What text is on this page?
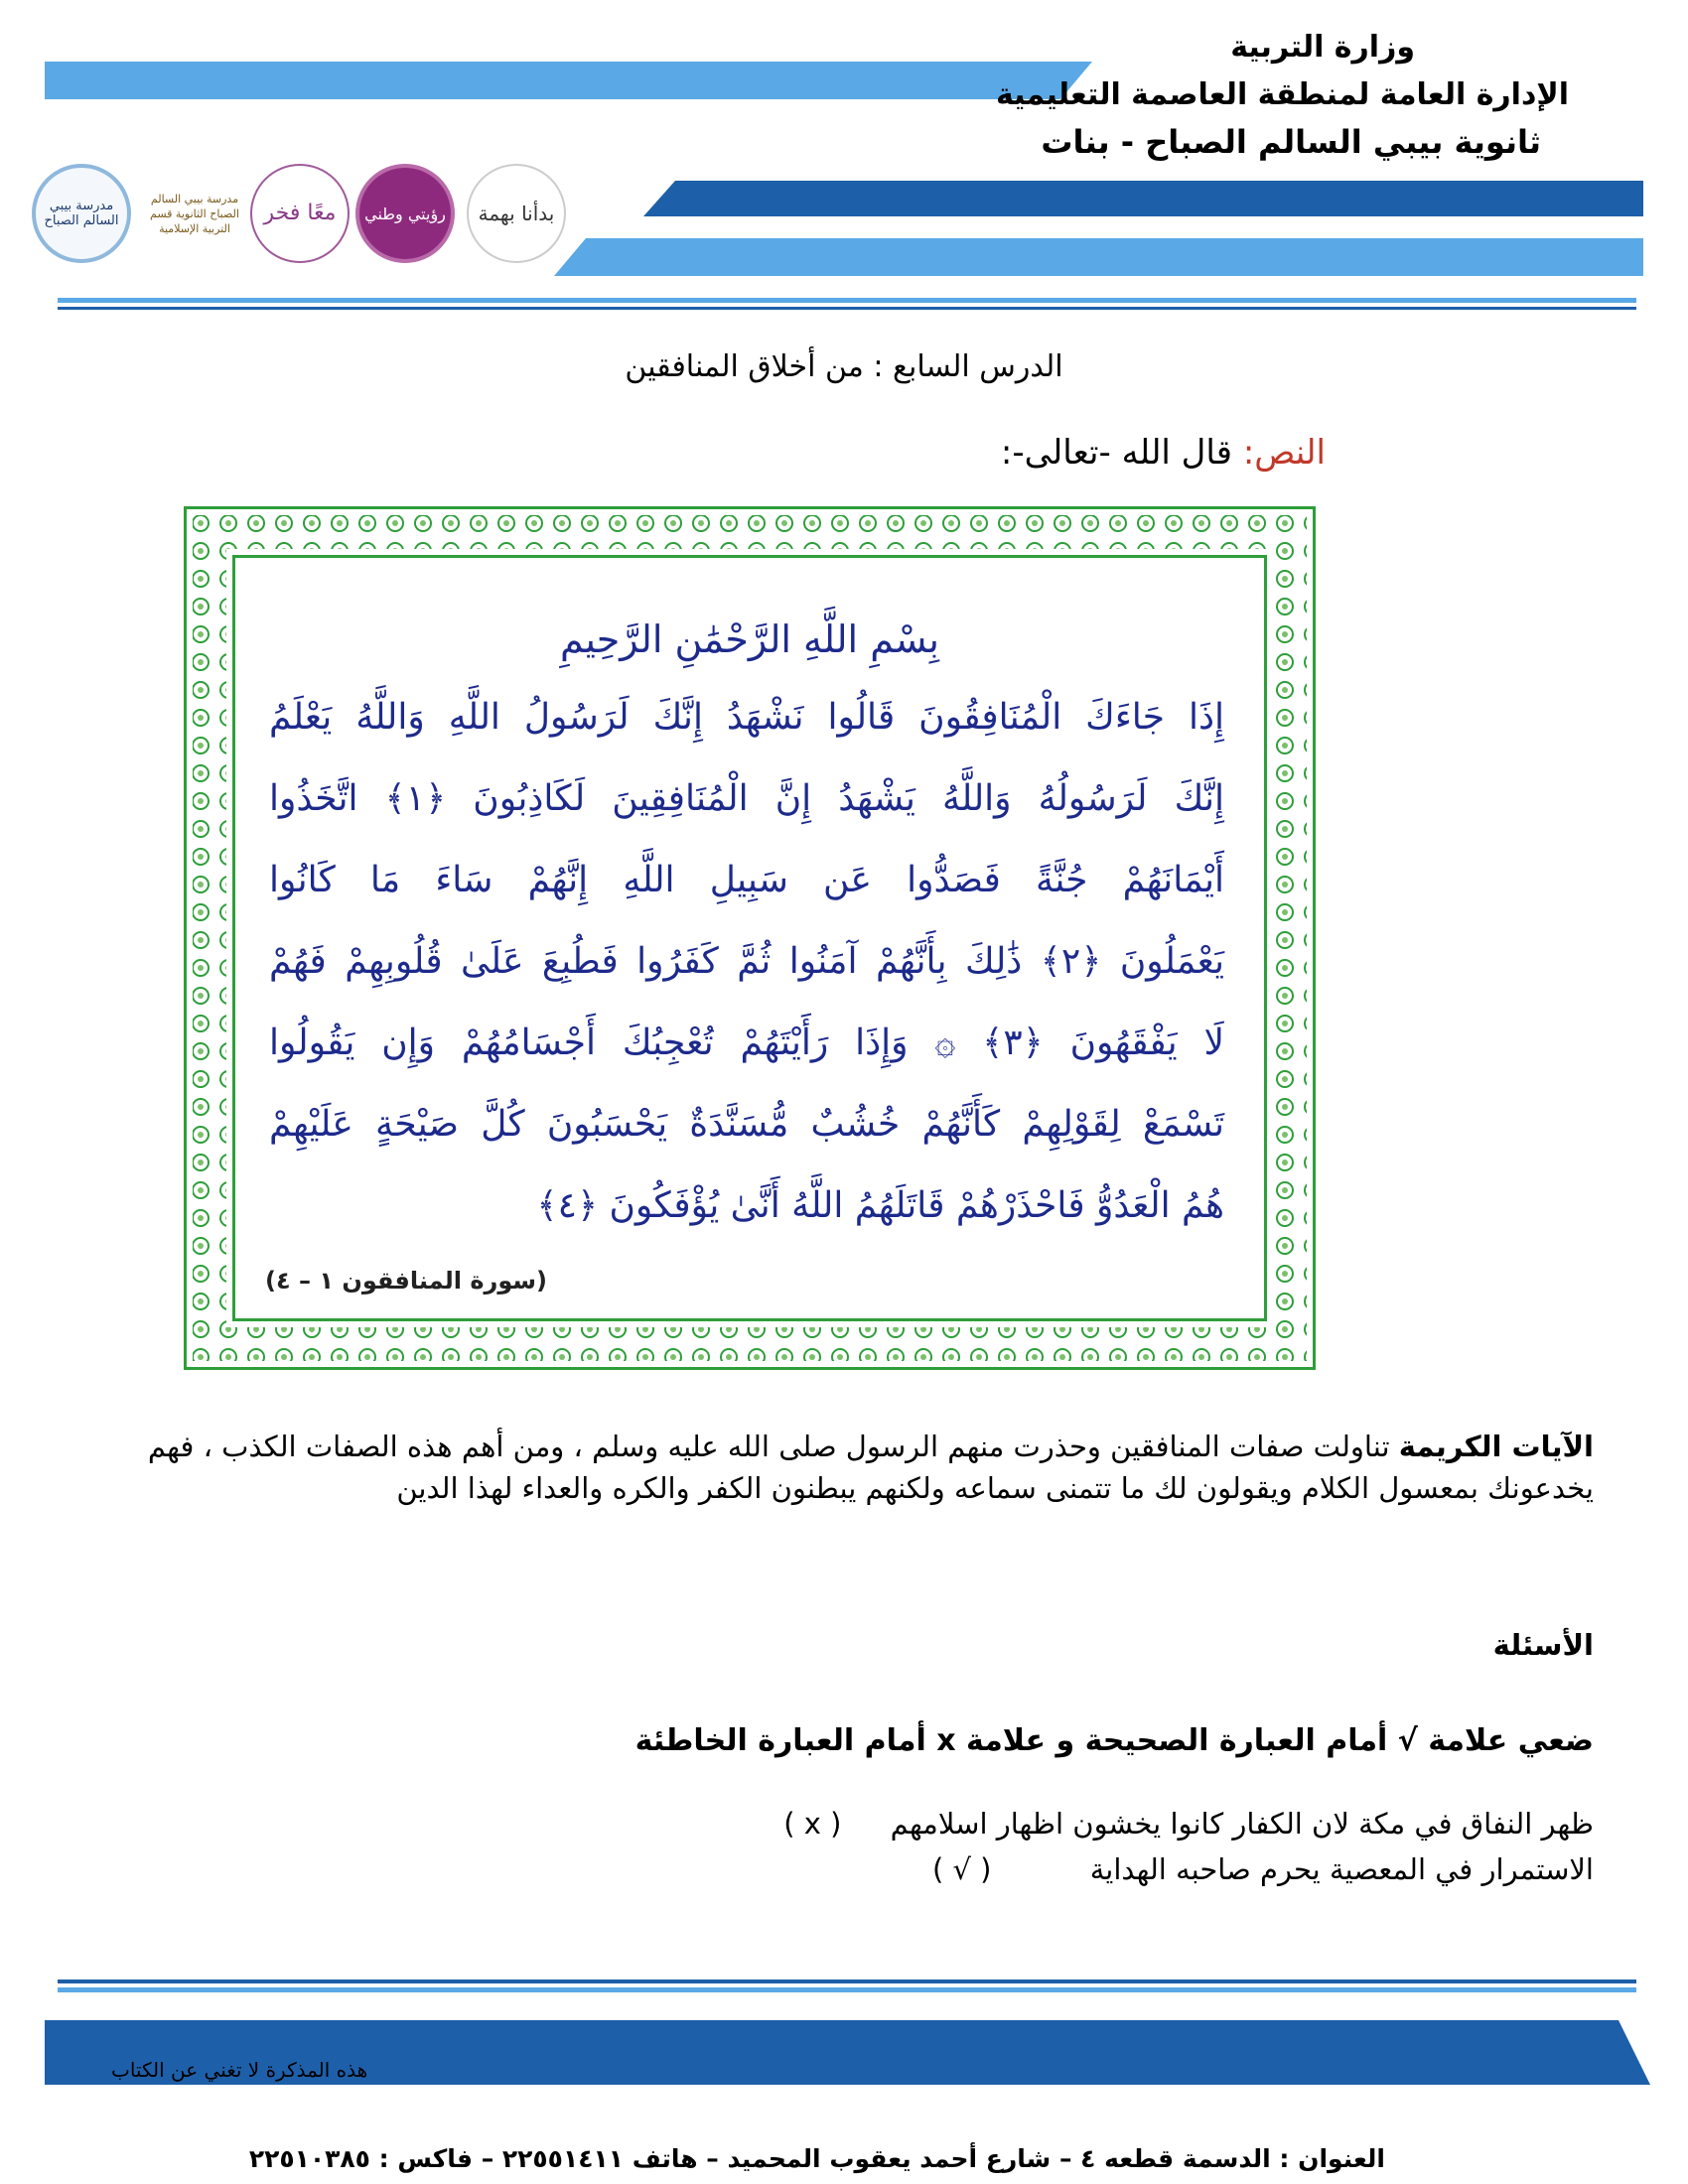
وزارة التربية
الإدارة العامة لمنطقة العاصمة التعليمية
ثانوية بيبي السالم الصباح - بنات
مدرسة بيبي السالم الصباح
مدرسة بيبي السالم الصباح الثانوية قسم التربية الإسلامية
معًا فخر رؤيتي وطني بدأنا بهمة
الدرس السابع : من أخلاق المنافقين
النص: قال الله -تعالى-:
بِسْمِ اللَّهِ الرَّحْمَٰنِ الرَّحِيمِ
إِذَا جَاءَكَ الْمُنَافِقُونَ قَالُوا نَشْهَدُ إِنَّكَ لَرَسُولُ اللَّهِ وَاللَّهُ يَعْلَمُ
إِنَّكَ لَرَسُولُهُ وَاللَّهُ يَشْهَدُ إِنَّ الْمُنَافِقِينَ لَكَاذِبُونَ ﴿١﴾ اتَّخَذُوا
أَيْمَانَهُمْ جُنَّةً فَصَدُّوا عَن سَبِيلِ اللَّهِ إِنَّهُمْ سَاءَ مَا كَانُوا
يَعْمَلُونَ ﴿٢﴾ ذَٰلِكَ بِأَنَّهُمْ آمَنُوا ثُمَّ كَفَرُوا فَطُبِعَ عَلَىٰ قُلُوبِهِمْ فَهُمْ
لَا يَفْقَهُونَ ﴿٣﴾ ۞ وَإِذَا رَأَيْتَهُمْ تُعْجِبُكَ أَجْسَامُهُمْ وَإِن يَقُولُوا
تَسْمَعْ لِقَوْلِهِمْ كَأَنَّهُمْ خُشُبٌ مُّسَنَّدَةٌ يَحْسَبُونَ كُلَّ صَيْحَةٍ عَلَيْهِمْ
هُمُ الْعَدُوُّ فَاحْذَرْهُمْ قَاتَلَهُمُ اللَّهُ أَنَّىٰ يُؤْفَكُونَ ﴿٤﴾
(سورة المنافقون ١ – ٤)
الآيات الكريمة تناولت صفات المنافقين وحذرت منهم الرسول صلى الله عليه وسلم ، ومن أهم هذه الصفات الكذب ، فهم يخدعونك بمعسول الكلام ويقولون لك ما تتمنى سماعه ولكنهم يبطنون الكفر والكره والعداء لهذا الدين
الأسئلة
ضعي علامة √ أمام العبارة الصحيحة و علامة x أمام العبارة الخاطئة
ظهر النفاق في مكة لان الكفار كانوا يخشون اظهار اسلامهم ( x )
الاستمرار في المعصية يحرم صاحبه الهداية ( √ )
هذه المذكرة لا تغني عن الكتاب
العنوان : الدسمة قطعه ٤ – شارع أحمد يعقوب المحميد – هاتف ٢٢٥٥١٤١١ – فاكس : ٢٢٥١٠٣٨٥
